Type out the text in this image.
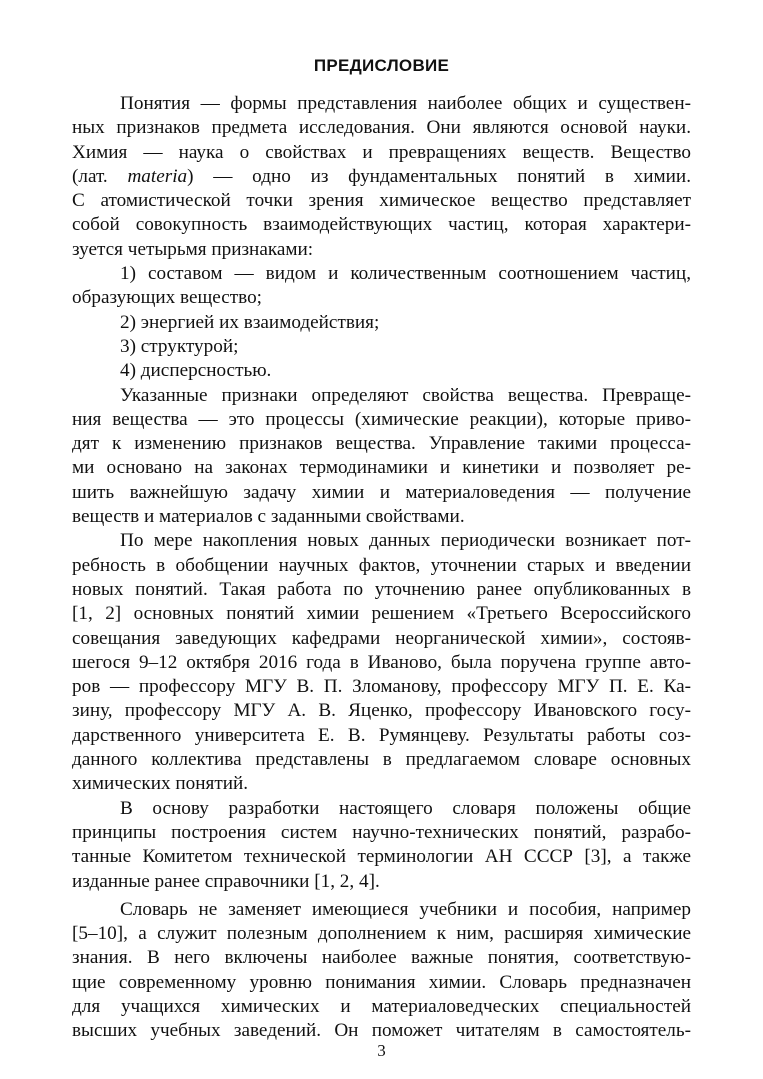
ПРЕДИСЛОВИЕ
Понятия — формы представления наиболее общих и существен-
ных признаков предмета исследования. Они являются основой науки.
Химия — наука о свойствах и превращениях веществ. Вещество
(лат. materia) — одно из фундаментальных понятий в химии.
С атомистической точки зрения химическое вещество представляет
собой совокупность взаимодействующих частиц, которая характери-
зуется четырьмя признаками:
1) составом — видом и количественным соотношением частиц,
образующих вещество;
2) энергией их взаимодействия;
3) структурой;
4) дисперсностью.
Указанные признаки определяют свойства вещества. Превраще-
ния вещества — это процессы (химические реакции), которые приво-
дят к изменению признаков вещества. Управление такими процесса-
ми основано на законах термодинамики и кинетики и позволяет ре-
шить важнейшую задачу химии и материаловедения — получение
веществ и материалов с заданными свойствами.
По мере накопления новых данных периодически возникает пот-
ребность в обобщении научных фактов, уточнении старых и введении
новых понятий. Такая работа по уточнению ранее опубликованных в
[1, 2] основных понятий химии решением «Третьего Всероссийского
совещания заведующих кафедрами неорганической химии», состояв-
шегося 9–12 октября 2016 года в Иваново, была поручена группе авто-
ров — профессору МГУ В. П. Зломанову, профессору МГУ П. Е. Ка-
зину, профессору МГУ А. В. Яценко, профессору Ивановского госу-
дарственного университета Е. В. Румянцеву. Результаты работы соз-
данного коллектива представлены в предлагаемом словаре основных
химических понятий.
В основу разработки настоящего словаря положены общие
принципы построения систем научно-технических понятий, разрабо-
танные Комитетом технической терминологии АН СССР [3], а также
изданные ранее справочники [1, 2, 4].
Словарь не заменяет имеющиеся учебники и пособия, например
[5–10], а служит полезным дополнением к ним, расширяя химические
знания. В него включены наиболее важные понятия, соответствую-
щие современному уровню понимания химии. Словарь предназначен
для учащихся химических и материаловедческих специальностей
высших учебных заведений. Он поможет читателям в самостоятель-
3
